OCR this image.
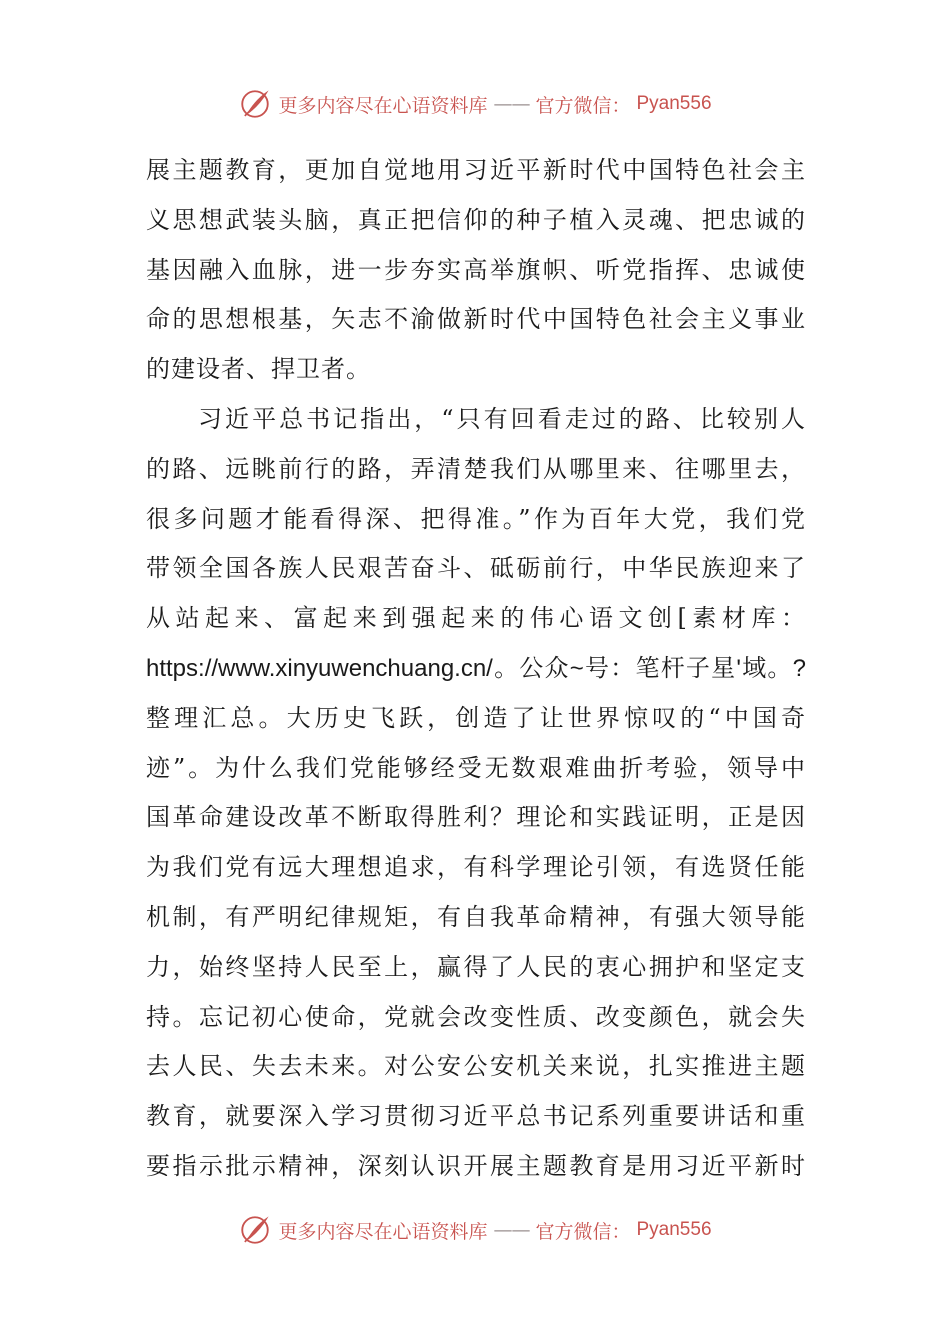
更多内容尽在心语资料库 —— 官方微信： Pyan556
展主题教育，更加自觉地用习近平新时代中国特色社会主
义思想武装头脑，真正把信仰的种子植入灵魂、把忠诚的
基因融入血脉，进一步夯实高举旗帜、听党指挥、忠诚使
命的思想根基，矢志不渝做新时代中国特色社会主义事业
的建设者、捍卫者。
习近平总书记指出，“只有回看走过的路、比较别人
的路、远眺前行的路，弄清楚我们从哪里来、往哪里去，
很多问题才能看得深、把得准。”作为百年大党，我们党
带领全国各族人民艰苦奋斗、砥砺前行，中华民族迎来了
从站起来、富起来到强起来的伟心语文创[素材库：
https://www.xinyuwenchuang.cn/。公众~号：笔杆子星'域。?
整理汇总。大历史飞跃，创造了让世界惊叹的“中国奇
迹”。为什么我们党能够经受无数艰难曲折考验，领导中
国革命建设改革不断取得胜利？理论和实践证明，正是因
为我们党有远大理想追求，有科学理论引领，有选贤任能
机制，有严明纪律规矩，有自我革命精神，有强大领导能
力，始终坚持人民至上，赢得了人民的衷心拥护和坚定支
持。忘记初心使命，党就会改变性质、改变颜色，就会失
去人民、失去未来。对公安公安机关来说，扎实推进主题
教育，就要深入学习贯彻习近平总书记系列重要讲话和重
要指示批示精神，深刻认识开展主题教育是用习近平新时
更多内容尽在心语资料库 —— 官方微信： Pyan556
